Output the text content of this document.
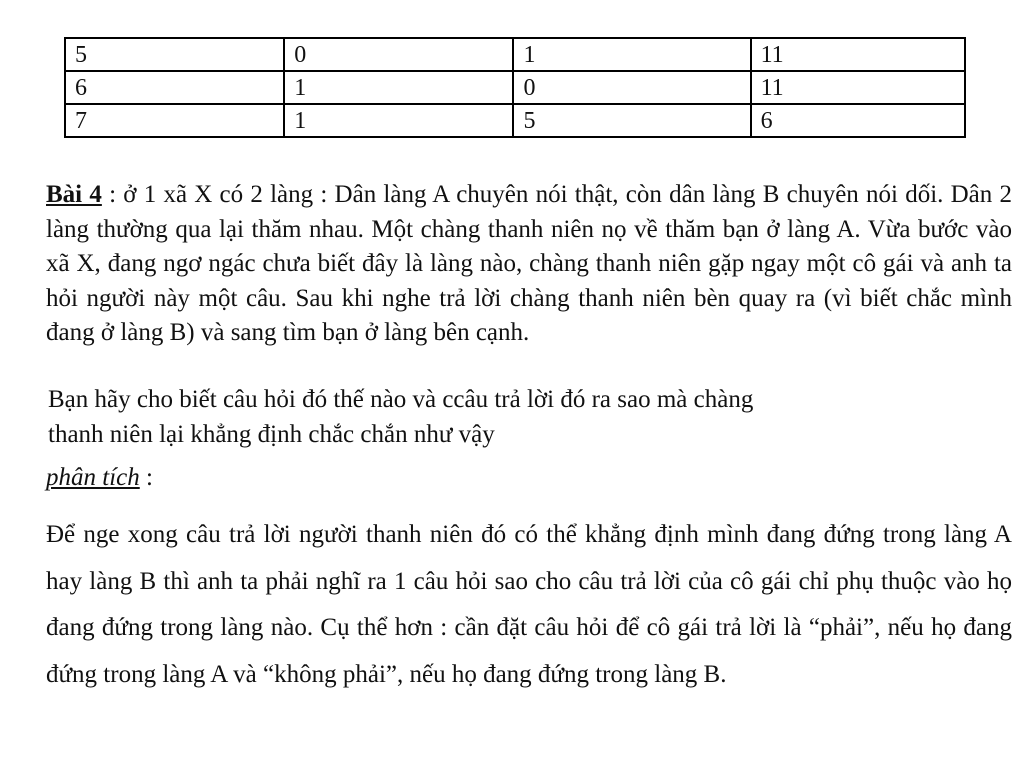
5	0	1	11
6	1	0	11
7	1	5	6
Bài 4 : ở 1 xã X có 2 làng : Dân làng A chuyên nói thật, còn dân làng B chuyên nói dối. Dân 2 làng thường qua lại thăm nhau. Một chàng thanh niên nọ về thăm bạn ở làng A. Vừa bước vào xã X, đang ngơ ngác chưa biết đây là làng nào, chàng thanh niên gặp ngay một cô gái và anh ta hỏi người này một câu. Sau khi nghe trả lời chàng thanh niên bèn quay ra (vì biết chắc mình đang ở làng B) và sang tìm bạn ở làng bên cạnh.
Bạn hãy cho biết câu hỏi đó thế nào và ccâu trả lời đó ra sao mà chàng
thanh niên lại khẳng định chắc chắn như vậy
phân tích :
Để nge xong câu trả lời người thanh niên đó có thể khẳng định mình đang đứng trong làng A hay làng B thì anh ta phải nghĩ ra 1 câu hỏi sao cho câu trả lời của cô gái chỉ phụ thuộc vào họ đang đứng trong làng nào. Cụ thể hơn : cần đặt câu hỏi để cô gái trả lời là “phải”, nếu họ đang đứng trong làng A và “không phải”, nếu họ đang đứng trong làng B.
